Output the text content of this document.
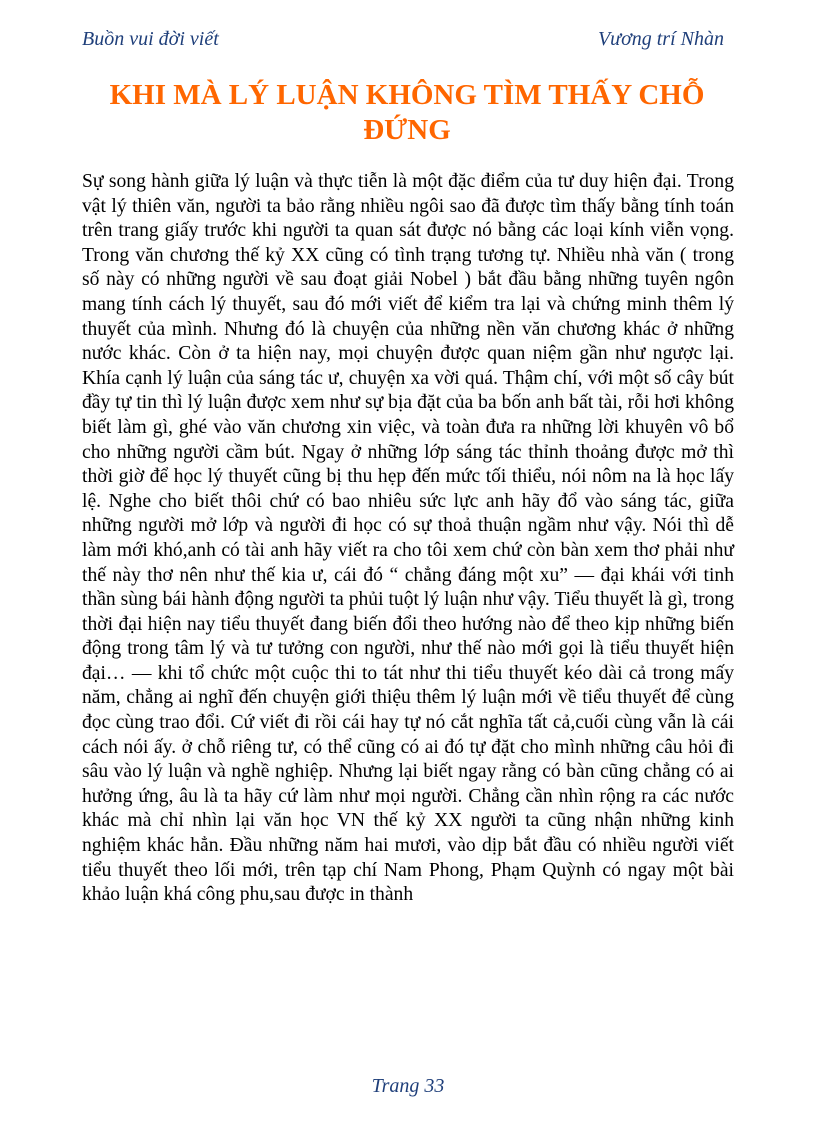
Buồn vui đời viết	Vương trí Nhàn
KHI MÀ LÝ LUẬN KHÔNG TÌM THẤY CHỖ ĐỨNG

Sự song hành giữa lý luận và thực tiễn là một đặc điểm của tư duy hiện đại. Trong vật lý thiên văn, người ta bảo rằng nhiều ngôi sao đã được tìm thấy bằng tính toán trên trang giấy trước khi người ta quan sát được nó bằng các loại kính viễn vọng. Trong văn chương thế kỷ XX cũng có tình trạng tương tự. Nhiều nhà văn ( trong số này có những người về sau đoạt giải Nobel ) bắt đầu bằng những tuyên ngôn mang tính cách lý thuyết, sau đó mới viết để kiểm tra lại và chứng minh thêm lý thuyết của mình. Nhưng đó là chuyện của những nền văn chương khác ở những nước khác. Còn ở ta hiện nay, mọi chuyện được quan niệm gần như ngược lại. Khía cạnh lý luận của sáng tác ư, chuyện xa vời quá. Thậm chí, với một số cây bút đầy tự tin thì lý luận được xem như sự bịa đặt của ba bốn anh bất tài, rỗi hơi không biết làm gì, ghé vào văn chương xin việc, và toàn đưa ra những lời khuyên vô bổ cho những người cầm bút. Ngay ở những lớp sáng tác thỉnh thoảng được mở thì thời giờ để học lý thuyết cũng bị thu hẹp đến mức tối thiểu, nói nôm na là học lấy lệ. Nghe cho biết thôi chứ có bao nhiêu sức lực anh hãy đổ vào sáng tác, giữa những người mở lớp và người đi học có sự thoả thuận ngầm như vậy. Nói thì dễ làm mới khó,anh có tài anh hãy viết ra cho tôi xem chứ còn bàn xem thơ phải như thế này thơ nên như thế kia ư, cái đó “ chẳng đáng một xu” — đại khái với tinh thần sùng bái hành động người ta phủi tuột lý luận như vậy. Tiểu thuyết là gì, trong thời đại hiện nay tiểu thuyết đang biến đổi theo hướng nào để theo kịp những biến động trong tâm lý và tư tưởng con người, như thế nào mới gọi là tiểu thuyết hiện đại… — khi tổ chức một cuộc thi to tát như thi tiểu thuyết kéo dài cả trong mấy năm, chẳng ai nghĩ đến chuyện giới thiệu thêm lý luận mới về tiểu thuyết để cùng đọc cùng trao đổi. Cứ viết đi rồi cái hay tự nó cắt nghĩa tất cả,cuối cùng vẫn là cái cách nói ấy. ở chỗ riêng tư, có thể cũng có ai đó tự đặt cho mình những câu hỏi đi sâu vào lý luận và nghề nghiệp. Nhưng lại biết ngay rằng có bàn cũng chẳng có ai hưởng ứng, âu là ta hãy cứ làm như mọi người. Chẳng cần nhìn rộng ra các nước khác mà chỉ nhìn lại văn học VN thế kỷ XX người ta cũng nhận những kinh nghiệm khác hẳn. Đầu những năm hai mươi, vào dịp bắt đầu có nhiều người viết tiểu thuyết theo lối mới, trên tạp chí Nam Phong, Phạm Quỳnh có ngay một bài khảo luận khá công phu,sau được in thành

Trang 33
